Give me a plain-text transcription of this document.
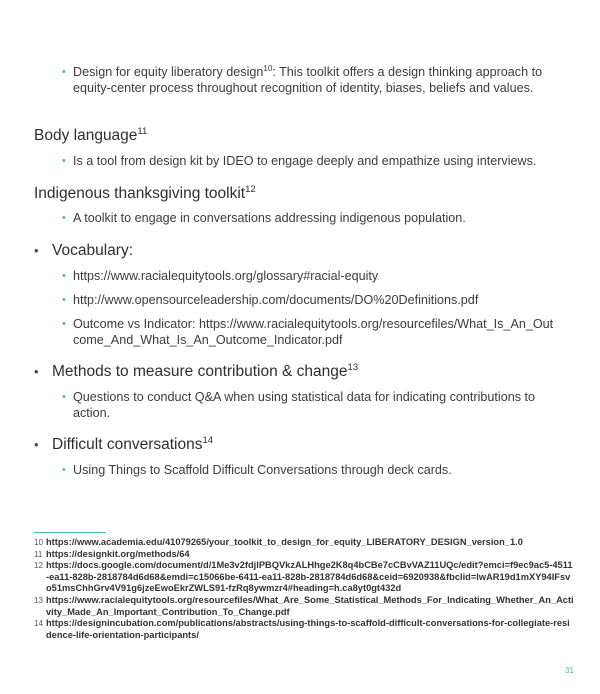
• Design for equity liberatory design$^{10}$: This toolkit offers a design thinking approach to equity-center process throughout recognition of identity, biases, beliefs and values.
Body language$^{11}$
• Is a tool from design kit by IDEO to engage deeply and empathize using interviews.
Indigenous thanksgiving toolkit$^{12}$
• A toolkit to engage in conversations addressing indigenous population.
• Vocabulary:
• https://www.racialequitytools.org/glossary#racial-equity
• http://www.opensourceleadership.com/documents/DO%20Definitions.pdf
• Outcome vs Indicator: https://www.racialequitytools.org/resourcefiles/What_Is_An_Outcome_And_What_Is_An_Outcome_Indicator.pdf
• Methods to measure contribution & change$^{13}$
• Questions to conduct Q&A when using statistical data for indicating contributions to action.
• Difficult conversations$^{14}$
• Using Things to Scaffold Difficult Conversations through deck cards.
10 https://www.academia.edu/41079265/your_toolkit_to_design_for_equity_LIBERATORY_DESIGN_version_1.0
11 https://designkit.org/methods/64
12 https://docs.google.com/document/d/1Me3v2fdjlPBQVkzALHhge2K8q4bCBe7cCBvVAZ11UQc/edit?emci=f9ec9ac5-4511-ea11-828b-2818784d6d68&emdi=c15066be-6411-ea11-828b-2818784d6d68&ceid=6920938&fbclid=IwAR19d1mXY94IFsvo51msChhGrv4V91g6jzeEwoEkrZWLS91-fzRq8ywmzr4#heading=h.ca8yt0gt432d
13 https://www.racialequitytools.org/resourcefiles/What_Are_Some_Statistical_Methods_For_Indicating_Whether_An_Activity_Made_An_Important_Contribution_To_Change.pdf
14 https://designincubation.com/publications/abstracts/using-things-to-scaffold-difficult-conversations-for-collegiate-residence-life-orientation-participants/
31
